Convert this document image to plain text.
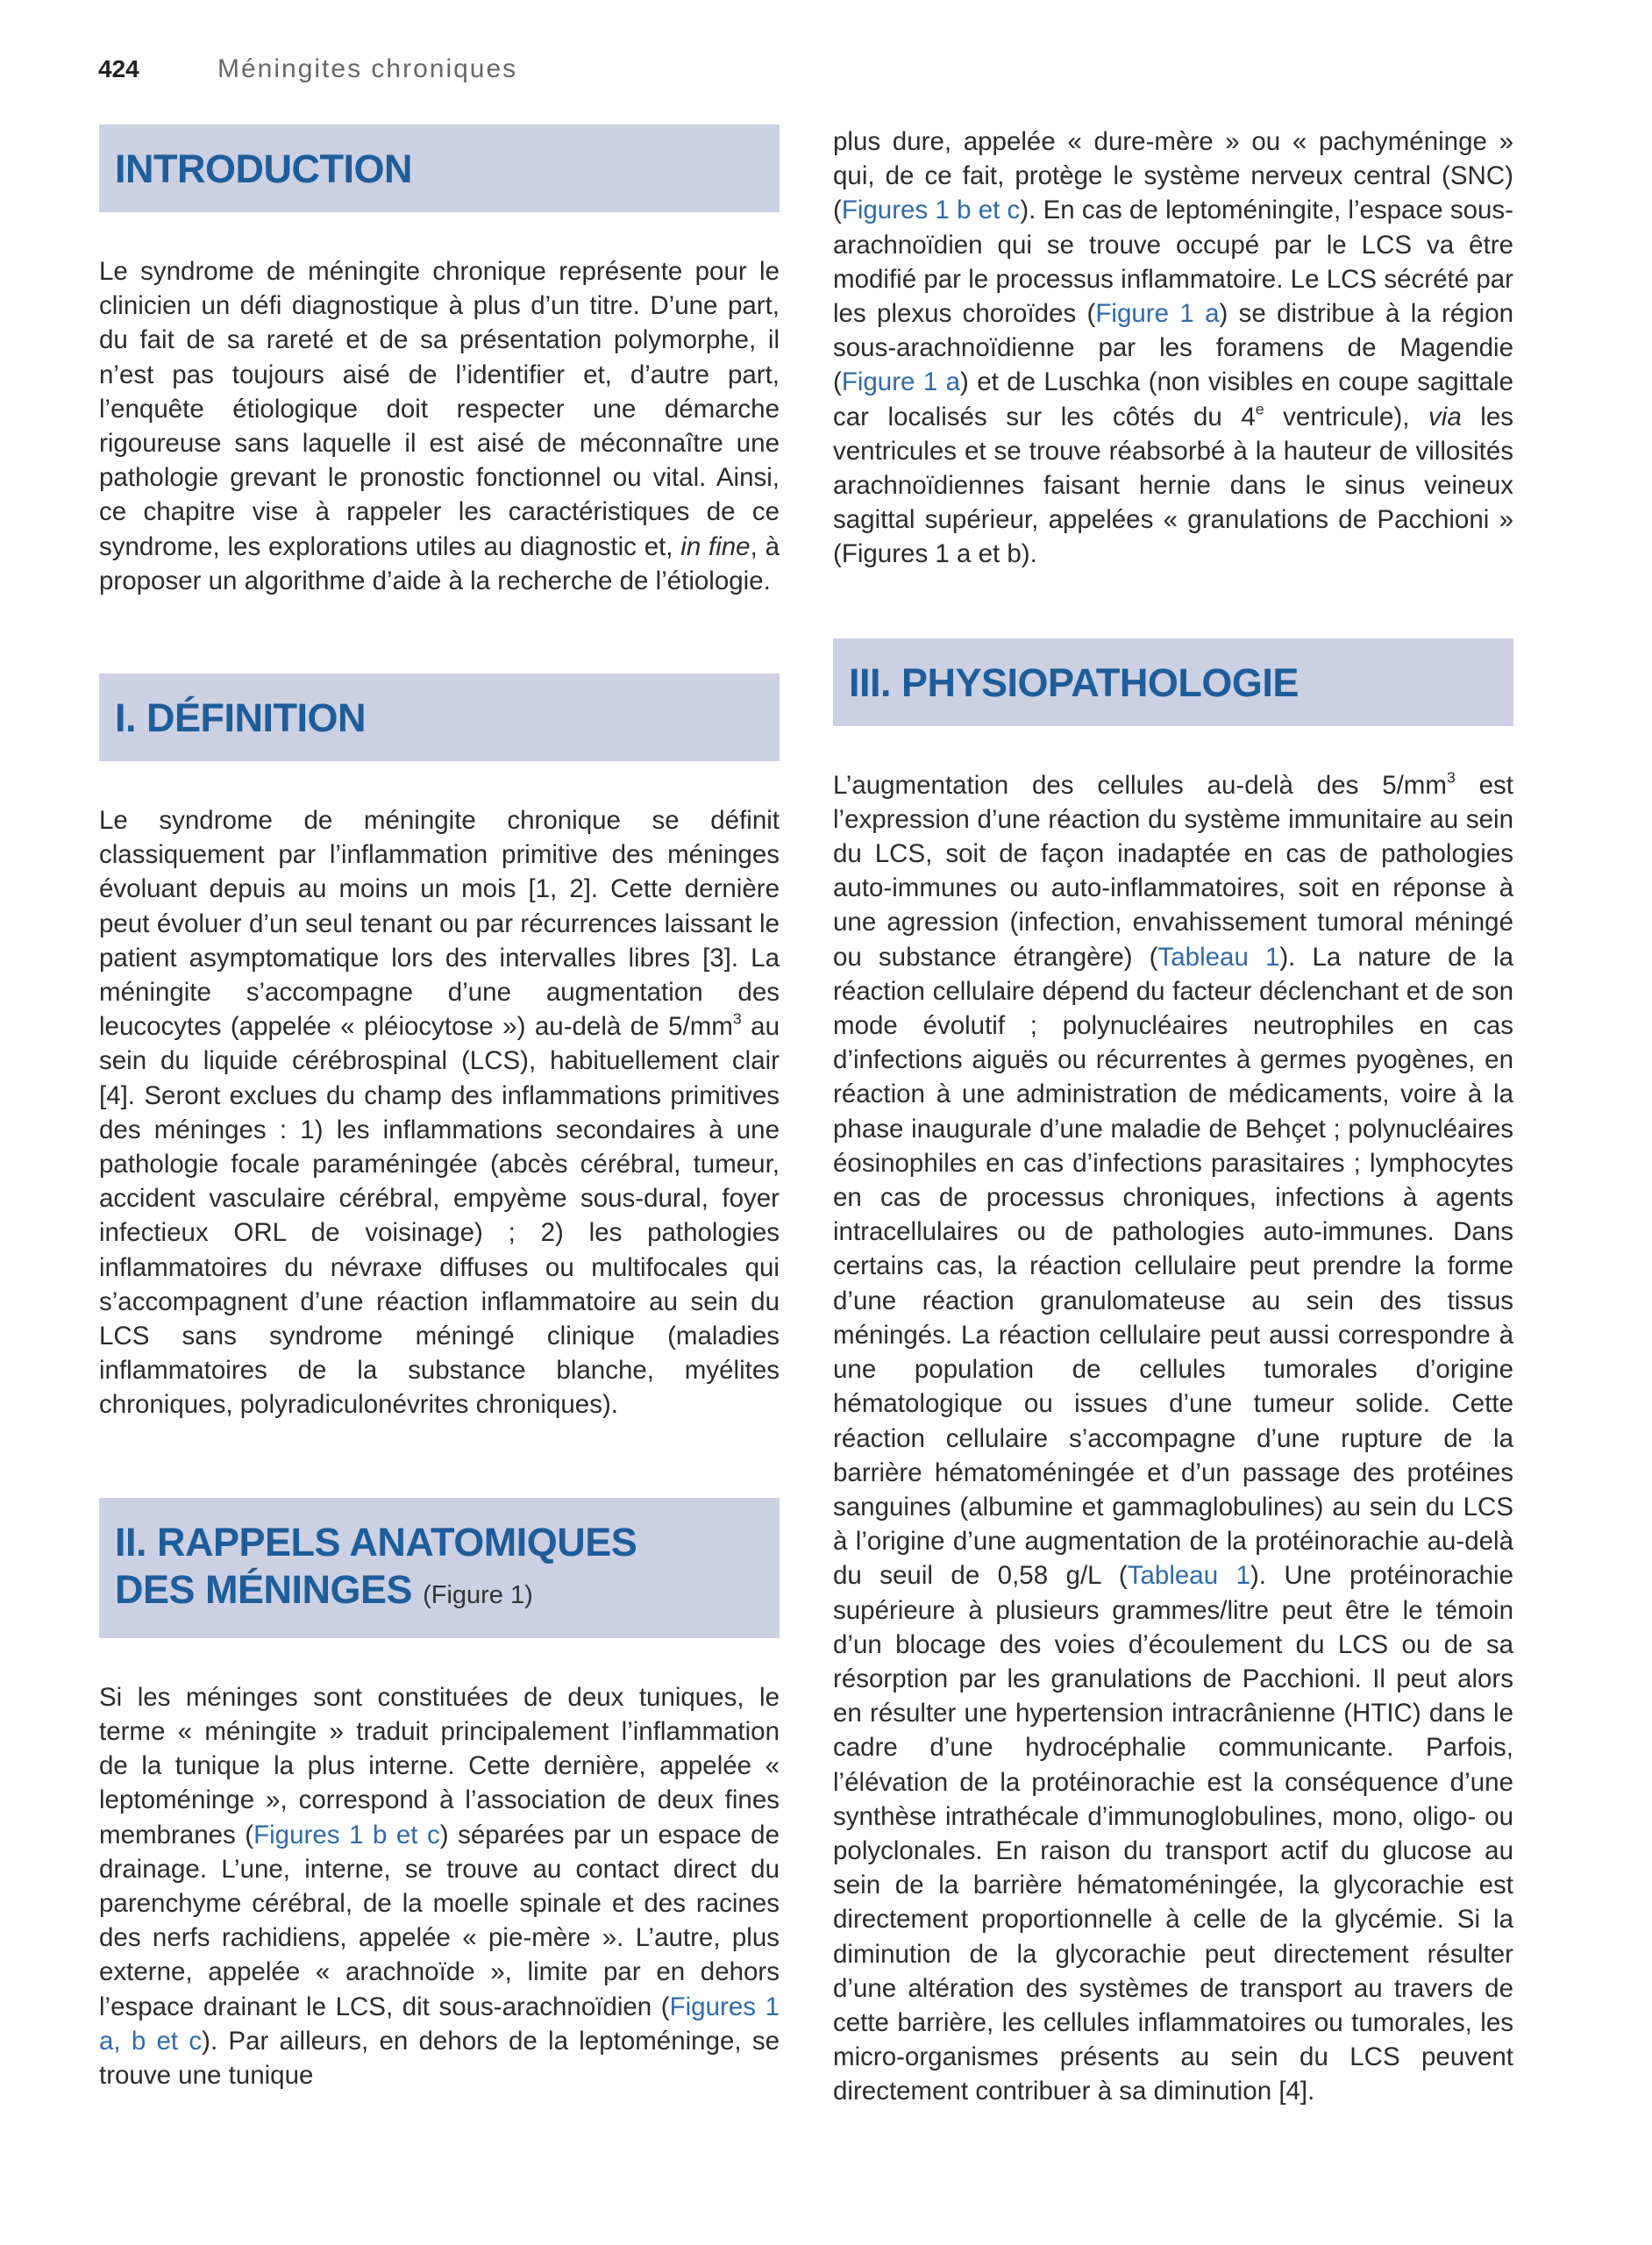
424	Méningites chroniques
INTRODUCTION

Le syndrome de méningite chronique représente pour le clinicien un défi diagnostique à plus d’un titre. D’une part, du fait de sa rareté et de sa présentation polymorphe, il n’est pas toujours aisé de l’identifier et, d’autre part, l’enquête étiologique doit respecter une démarche rigoureuse sans laquelle il est aisé de méconnaître une pathologie grevant le pronostic fonctionnel ou vital. Ainsi, ce chapitre vise à rappeler les caractéristiques de ce syndrome, les explorations utiles au diagnostic et, in fine, à proposer un algorithme d’aide à la recherche de l’étiologie.

I. DÉFINITION

Le syndrome de méningite chronique se définit classiquement par l’inflammation primitive des méninges évoluant depuis au moins un mois [1, 2]. Cette dernière peut évoluer d’un seul tenant ou par récurrences laissant le patient asymptomatique lors des intervalles libres [3]. La méningite s’accompagne d’une augmentation des leucocytes (appelée « pléiocytose ») au-delà de $5/mm^3$ au sein du liquide cérébrospinal (LCS), habituellement clair [4]. Seront exclues du champ des inflammations primitives des méninges : 1) les inflammations secondaires à une pathologie focale paraméningée (abcès cérébral, tumeur, accident vasculaire cérébral, empyème sous-dural, foyer infectieux ORL de voisinage) ; 2) les pathologies inflammatoires du névraxe diffuses ou multifocales qui s’accompagnent d’une réaction inflammatoire au sein du LCS sans syndrome méningé clinique (maladies inflammatoires de la substance blanche, myélites chroniques, polyradiculonévrites chroniques).

II. RAPPELS ANATOMIQUES
DES MÉNINGES (Figure 1)

Si les méninges sont constituées de deux tuniques, le terme « méningite » traduit principalement l’inflammation de la tunique la plus interne. Cette dernière, appelée « leptoméninge », correspond à l’association de deux fines membranes (Figures 1 b et c) séparées par un espace de drainage. L’une, interne, se trouve au contact direct du parenchyme cérébral, de la moelle spinale et des racines des nerfs rachidiens, appelée « pie-mère ». L’autre, plus externe, appelée « arachnoïde », limite par en dehors l’espace drainant le LCS, dit sous-arachnoïdien (Figures 1 a, b et c). Par ailleurs, en dehors de la leptoméninge, se trouve une tunique

plus dure, appelée « dure-mère » ou « pachyméninge » qui, de ce fait, protège le système nerveux central (SNC) (Figures 1 b et c). En cas de leptoméningite, l’espace sous-arachnoïdien qui se trouve occupé par le LCS va être modifié par le processus inflammatoire. Le LCS sécrété par les plexus choroïdes (Figure 1 a) se distribue à la région sous-arachnoïdienne par les foramens de Magendie (Figure 1 a) et de Luschka (non visibles en coupe sagittale car localisés sur les côtés du 4e ventricule), via les ventricules et se trouve réabsorbé à la hauteur de villosités arachnoïdiennes faisant hernie dans le sinus veineux sagittal supérieur, appelées « granulations de Pacchioni » (Figures 1 a et b).

III. PHYSIOPATHOLOGIE

L’augmentation des cellules au-delà des $5/mm^3$ est l’expression d’une réaction du système immunitaire au sein du LCS, soit de façon inadaptée en cas de pathologies auto-immunes ou auto-inflammatoires, soit en réponse à une agression (infection, envahissement tumoral méningé ou substance étrangère) (Tableau 1). La nature de la réaction cellulaire dépend du facteur déclenchant et de son mode évolutif ; polynucléaires neutrophiles en cas d’infections aiguës ou récurrentes à germes pyogènes, en réaction à une administration de médicaments, voire à la phase inaugurale d’une maladie de Behçet ; polynucléaires éosinophiles en cas d’infections parasitaires ; lymphocytes en cas de processus chroniques, infections à agents intracellulaires ou de pathologies auto-immunes. Dans certains cas, la réaction cellulaire peut prendre la forme d’une réaction granulomateuse au sein des tissus méningés. La réaction cellulaire peut aussi correspondre à une population de cellules tumorales d’origine hématologique ou issues d’une tumeur solide. Cette réaction cellulaire s’accompagne d’une rupture de la barrière hématoméningée et d’un passage des protéines sanguines (albumine et gammaglobulines) au sein du LCS à l’origine d’une augmentation de la protéinorachie au-delà du seuil de 0,58 g/L (Tableau 1). Une protéinorachie supérieure à plusieurs grammes/litre peut être le témoin d’un blocage des voies d’écoulement du LCS ou de sa résorption par les granulations de Pacchioni. Il peut alors en résulter une hypertension intracrânienne (HTIC) dans le cadre d’une hydrocéphalie communicante. Parfois, l’élévation de la protéinorachie est la conséquence d’une synthèse intrathécale d’immunoglobulines, mono, oligo- ou polyclonales. En raison du transport actif du glucose au sein de la barrière hématoméningée, la glycorachie est directement proportionnelle à celle de la glycémie. Si la diminution de la glycorachie peut directement résulter d’une altération des systèmes de transport au travers de cette barrière, les cellules inflammatoires ou tumorales, les micro-organismes présents au sein du LCS peuvent directement contribuer à sa diminution [4].
